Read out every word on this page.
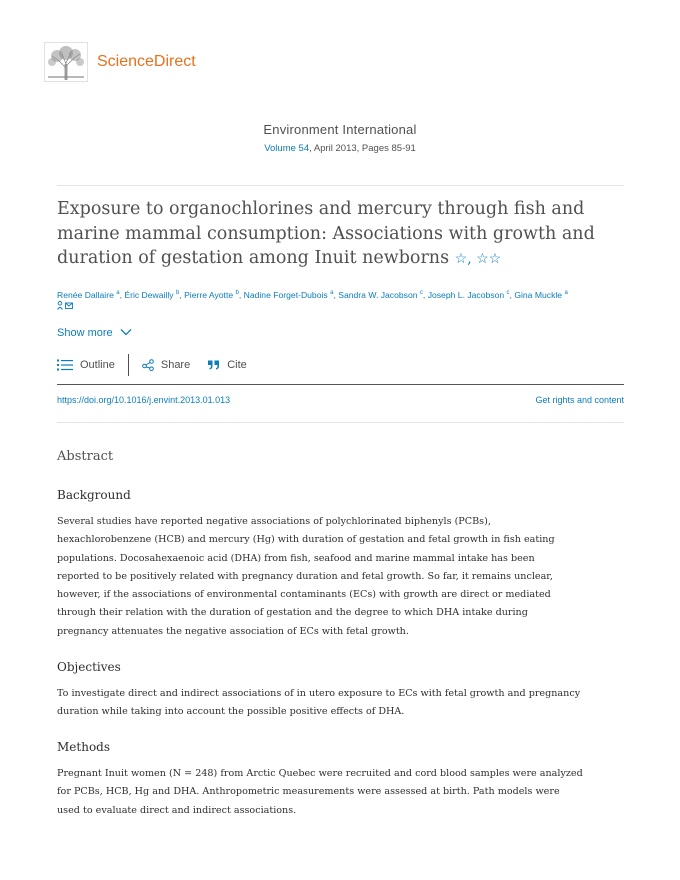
ScienceDirect
Environment International
Volume 54, April 2013, Pages 85-91
Exposure to organochlorines and mercury through fish and marine mammal consumption: Associations with growth and duration of gestation among Inuit newborns ☆, ☆☆
Renée Dallaire $^a$, Éric Dewailly $^b$, Pierre Ayotte $^b$, Nadine Forget-Dubois $^a$, Sandra W. Jacobson $^c$, Joseph L. Jacobson $^c$, Gina Muckle $^a$
Show more
Outline	Share	Cite
https://doi.org/10.1016/j.envint.2013.01.013	Get rights and content
Abstract
Background
Several studies have reported negative associations of polychlorinated biphenyls (PCBs),
hexachlorobenzene (HCB) and mercury (Hg) with duration of gestation and fetal growth in fish eating
populations. Docosahexaenoic acid (DHA) from fish, seafood and marine mammal intake has been
reported to be positively related with pregnancy duration and fetal growth. So far, it remains unclear,
however, if the associations of environmental contaminants (ECs) with growth are direct or mediated
through their relation with the duration of gestation and the degree to which DHA intake during
pregnancy attenuates the negative association of ECs with fetal growth.
Objectives
To investigate direct and indirect associations of in utero exposure to ECs with fetal growth and pregnancy
duration while taking into account the possible positive effects of DHA.
Methods
Pregnant Inuit women (N = 248) from Arctic Quebec were recruited and cord blood samples were analyzed
for PCBs, HCB, Hg and DHA. Anthropometric measurements were assessed at birth. Path models were
used to evaluate direct and indirect associations.
